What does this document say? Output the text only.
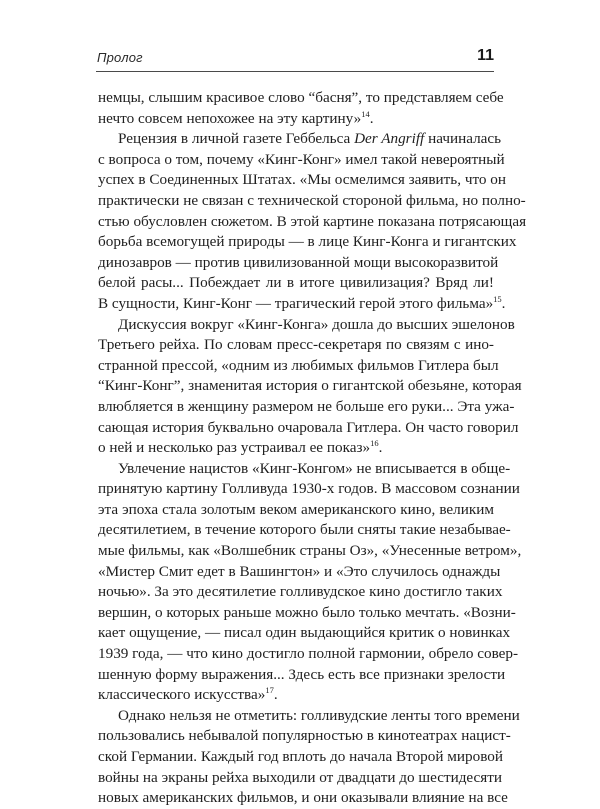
Пролог	11
немцы, слышим красивое слово “басня”, то представляем себе
нечто совсем непохожее на эту картину»$^{14}$.
Рецензия в личной газете Геббельса Der Angriff начиналась
с вопроса о том, почему «Кинг-Конг» имел такой невероятный
успех в Соединенных Штатах. «Мы осмелимся заявить, что он
практически не связан с технической стороной фильма, но полно-
стью обусловлен сюжетом. В этой картине показана потрясающая
борьба всемогущей природы — в лице Кинг-Конга и гигантских
динозавров — против цивилизованной мощи высокоразвитой
белой расы... Побеждает ли в итоге цивилизация? Вряд ли!
В сущности, Кинг-Конг — трагический герой этого фильма»$^{15}$.
Дискуссия вокруг «Кинг-Конга» дошла до высших эшелонов
Третьего рейха. По словам пресс-секретаря по связям с ино-
странной прессой, «одним из любимых фильмов Гитлера был
“Кинг-Конг”, знаменитая история о гигантской обезьяне, которая
влюбляется в женщину размером не больше его руки... Эта ужа-
сающая история буквально очаровала Гитлера. Он часто говорил
о ней и несколько раз устраивал ее показ»$^{16}$.
Увлечение нацистов «Кинг-Конгом» не вписывается в обще-
принятую картину Голливуда 1930-х годов. В массовом сознании
эта эпоха стала золотым веком американского кино, великим
десятилетием, в течение которого были сняты такие незабывае-
мые фильмы, как «Волшебник страны Оз», «Унесенные ветром»,
«Мистер Смит едет в Вашингтон» и «Это случилось однажды
ночью». За это десятилетие голливудское кино достигло таких
вершин, о которых раньше можно было только мечтать. «Возни-
кает ощущение, — писал один выдающийся критик о новинках
1939 года, — что кино достигло полной гармонии, обрело совер-
шенную форму выражения... Здесь есть все признаки зрелости
классического искусства»$^{17}$.
Однако нельзя не отметить: голливудские ленты того времени
пользовались небывалой популярностью в кинотеатрах нацист-
ской Германии. Каждый год вплоть до начала Второй мировой
войны на экраны рейха выходили от двадцати до шестидесяти
новых американских фильмов, и они оказывали влияние на все
